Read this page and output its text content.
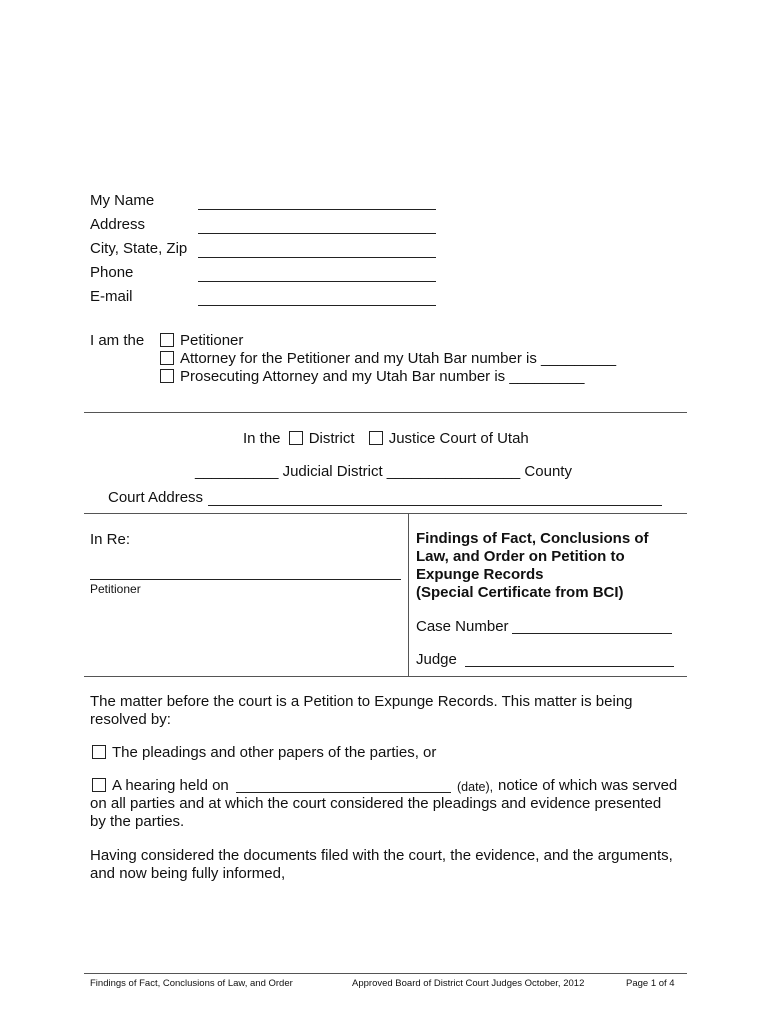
My Name
Address
City, State, Zip
Phone
E-mail
I am the	Petitioner
Attorney for the Petitioner and my Utah Bar number is _________
Prosecuting Attorney and my Utah Bar number is _________
In the District Justice Court of Utah
__________ Judicial District ________________ County
Court Address
In Re:
Petitioner
Findings of Fact, Conclusions of
Law, and Order on Petition to
Expunge Records
(Special Certificate from BCI)
Case Number
Judge
The matter before the court is a Petition to Expunge Records. This matter is being
resolved by:
The pleadings and other papers of the parties, or
A hearing held on	(date), notice of which was served
on all parties and at which the court considered the pleadings and evidence presented
by the parties.
Having considered the documents filed with the court, the evidence, and the arguments,
and now being fully informed,
Findings of Fact, Conclusions of Law, and Order	Approved Board of District Court Judges October, 2012	Page 1 of 4
